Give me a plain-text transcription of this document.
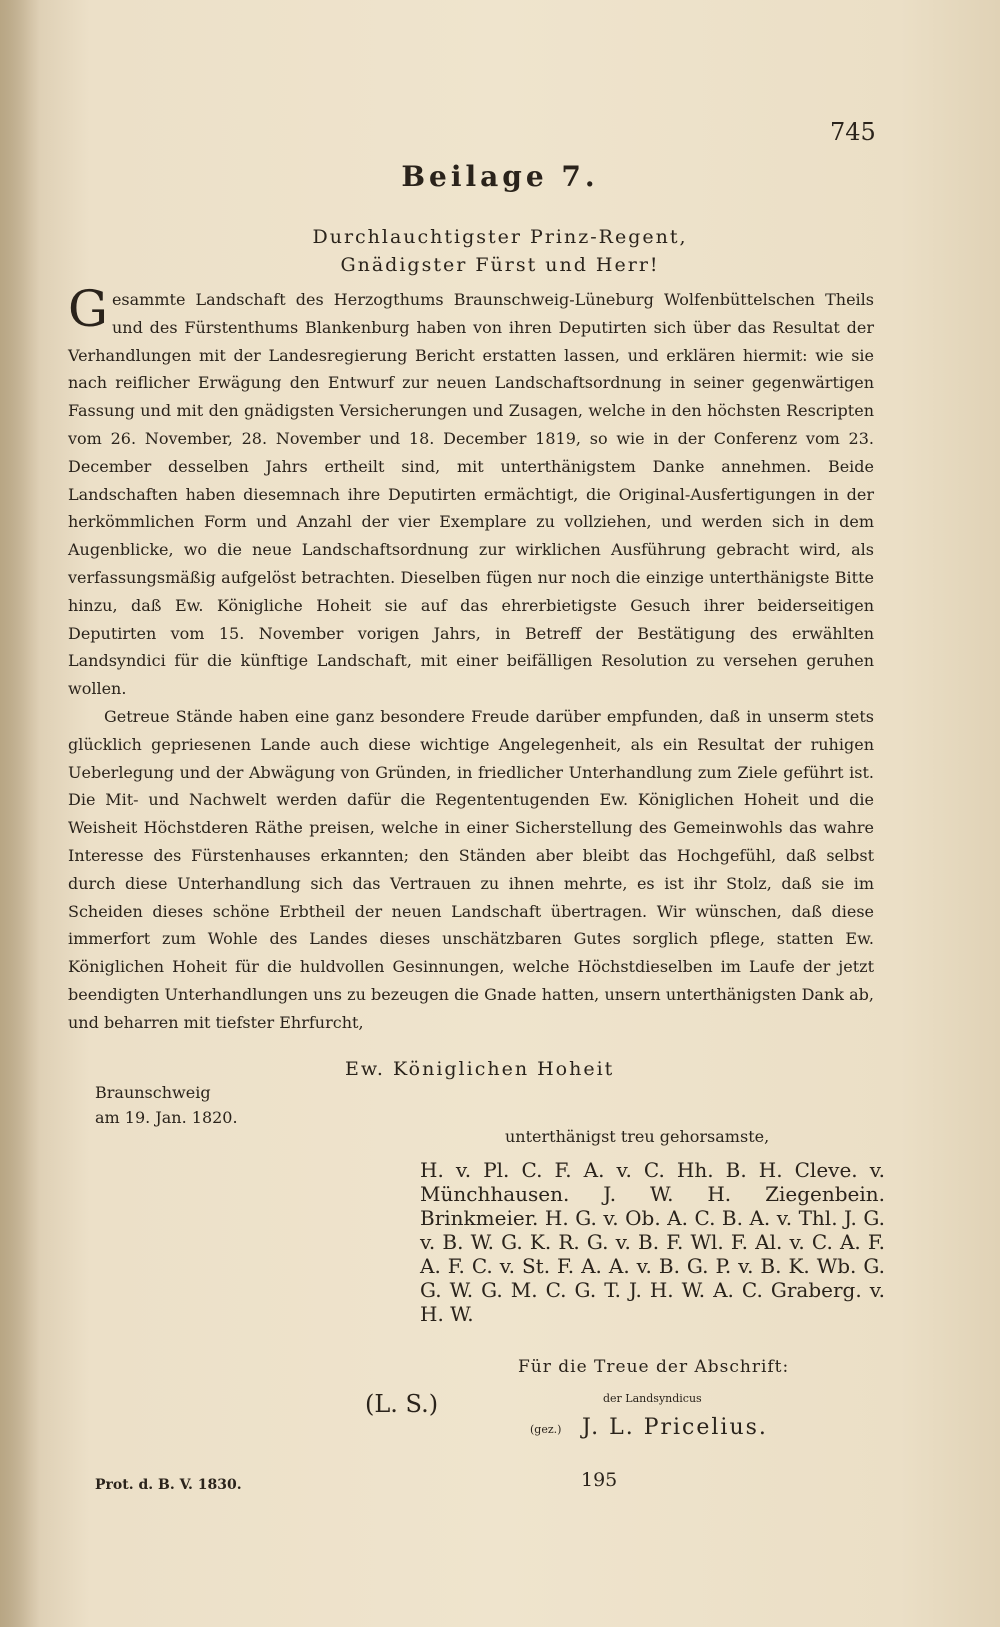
745
Beilage 7.
Durchlauchtigster Prinz-Regent,
Gnädigster Fürst und Herr!

Gesammte Landschaft des Herzogthums Braunschweig-Lüneburg Wolfenbüttelschen Theils und des Fürstenthums Blankenburg haben von ihren Deputirten sich über das Resultat der Verhandlungen mit der Landesregierung Bericht erstatten lassen, und erklären hiermit: wie sie nach reiflicher Erwägung den Entwurf zur neuen Landschaftsordnung in seiner gegenwärtigen Fassung und mit den gnädigsten Versicherungen und Zusagen, welche in den höchsten Rescripten vom 26. November, 28. November und 18. December 1819, so wie in der Conferenz vom 23. December desselben Jahrs ertheilt sind, mit unterthänigstem Danke annehmen. Beide Landschaften haben diesemnach ihre Deputirten ermächtigt, die Original-Ausfertigungen in der herkömmlichen Form und Anzahl der vier Exemplare zu vollziehen, und werden sich in dem Augenblicke, wo die neue Landschaftsordnung zur wirklichen Ausführung gebracht wird, als verfassungsmäßig aufgelöst betrachten. Dieselben fügen nur noch die einzige unterthänigste Bitte hinzu, daß Ew. Königliche Hoheit sie auf das ehrerbietigste Gesuch ihrer beiderseitigen Deputirten vom 15. November vorigen Jahrs, in Betreff der Bestätigung des erwählten Landsyndici für die künftige Landschaft, mit einer beifälligen Resolution zu versehen geruhen wollen.

Getreue Stände haben eine ganz besondere Freude darüber empfunden, daß in unserm stets glücklich gepriesenen Lande auch diese wichtige Angelegenheit, als ein Resultat der ruhigen Ueberlegung und der Abwägung von Gründen, in friedlicher Unterhandlung zum Ziele geführt ist. Die Mit- und Nachwelt werden dafür die Regententugenden Ew. Königlichen Hoheit und die Weisheit Höchstderen Räthe preisen, welche in einer Sicherstellung des Gemeinwohls das wahre Interesse des Fürstenhauses erkannten; den Ständen aber bleibt das Hochgefühl, daß selbst durch diese Unterhandlung sich das Vertrauen zu ihnen mehrte, es ist ihr Stolz, daß sie im Scheiden dieses schöne Erbtheil der neuen Landschaft übertragen. Wir wünschen, daß diese immerfort zum Wohle des Landes dieses unschätzbaren Gutes sorglich pflege, statten Ew. Königlichen Hoheit für die huldvollen Gesinnungen, welche Höchstdieselben im Laufe der jetzt beendigten Unterhandlungen uns zu bezeugen die Gnade hatten, unsern unterthänigsten Dank ab, und beharren mit tiefster Ehrfurcht,

Ew. Königlichen Hoheit
Braunschweig
am 19. Jan. 1820.
unterthänigst treu gehorsamste,
H. v. Pl. C. F. A. v. C. Hh. B. H. Cleve. v. Münchhausen. J. W. H. Ziegenbein. Brinkmeier. H. G. v. Ob. A. C. B. A. v. Thl. J. G. v. B. W. G. K. R. G. v. B. F. Wl. F. Al. v. C. A. F. A. F. C. v. St. F. A. A. v. B. G. P. v. B. K. Wb. G. G. W. G. M. C. G. T. J. H. W. A. C. Graberg. v. H. W.
Für die Treue der Abschrift:
(L. S.)	der Landsyndicus
(gez.) J. L. Pricelius.
Prot. d. B. V. 1830.	195
